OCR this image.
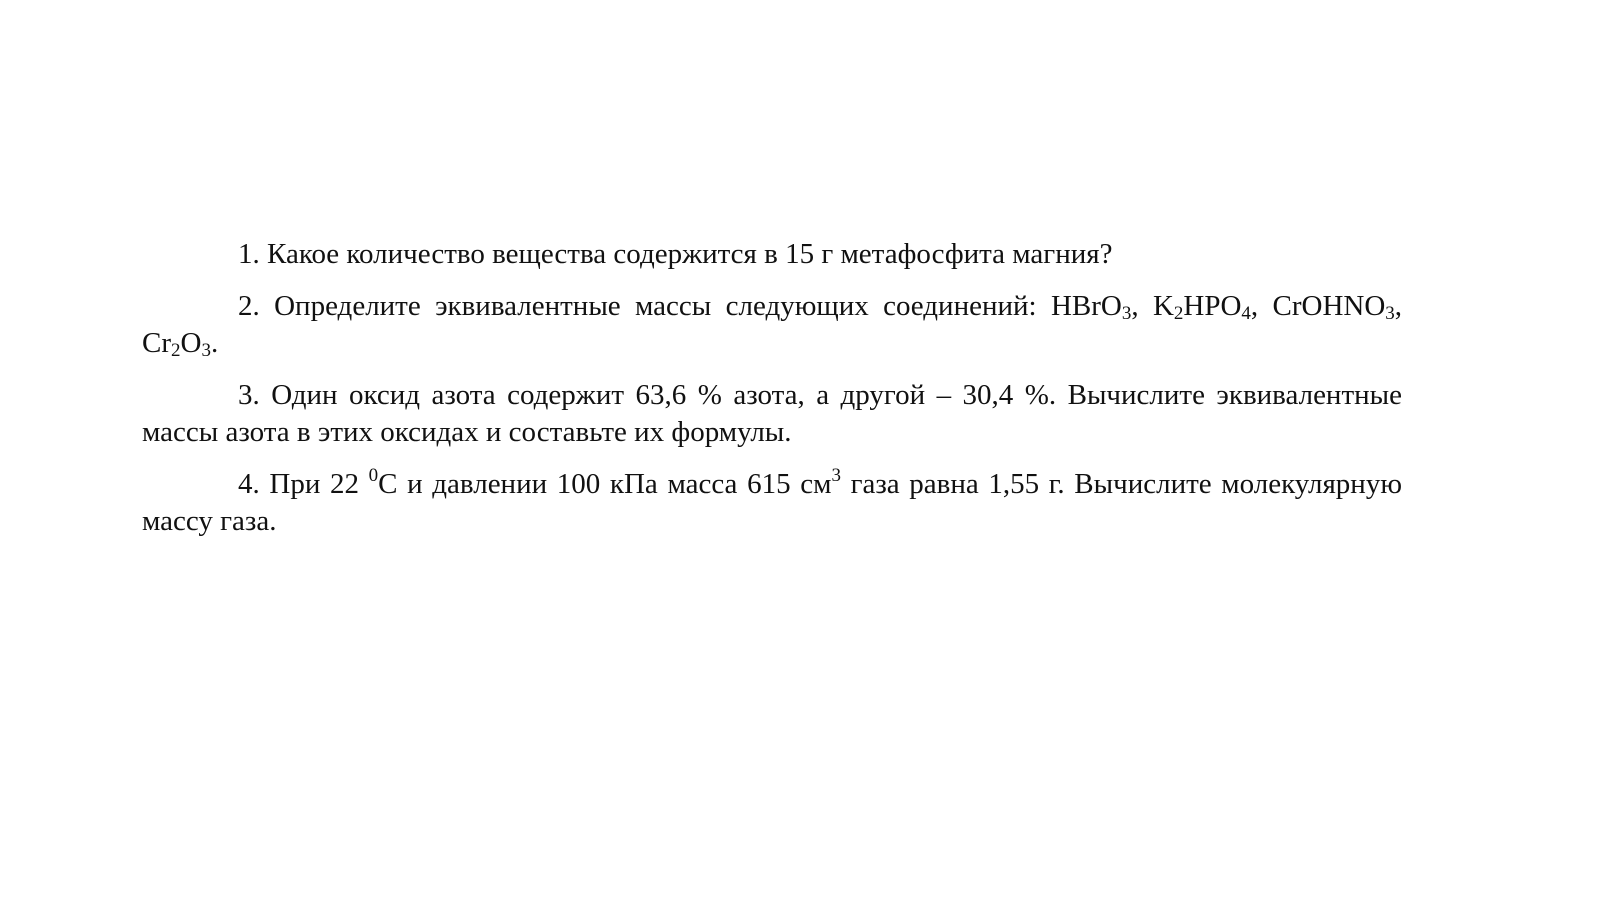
1. Какое количество вещества содержится в 15 г метафосфита магния?

2. Определите эквивалентные массы следующих соединений: HBrO$_3$, $K_2HPO_4$, CrOHNO$_3$, $Cr_2O_3$.

3. Один оксид азота содержит 63,6 % азота, а другой – 30,4 %. Вычислите эквивалентные массы азота в этих оксидах и составьте их формулы.

4. При 22 $^0$C и давлении 100 кПа масса 615 $см^3$ газа равна 1,55 г. Вычислите молекулярную массу газа.
